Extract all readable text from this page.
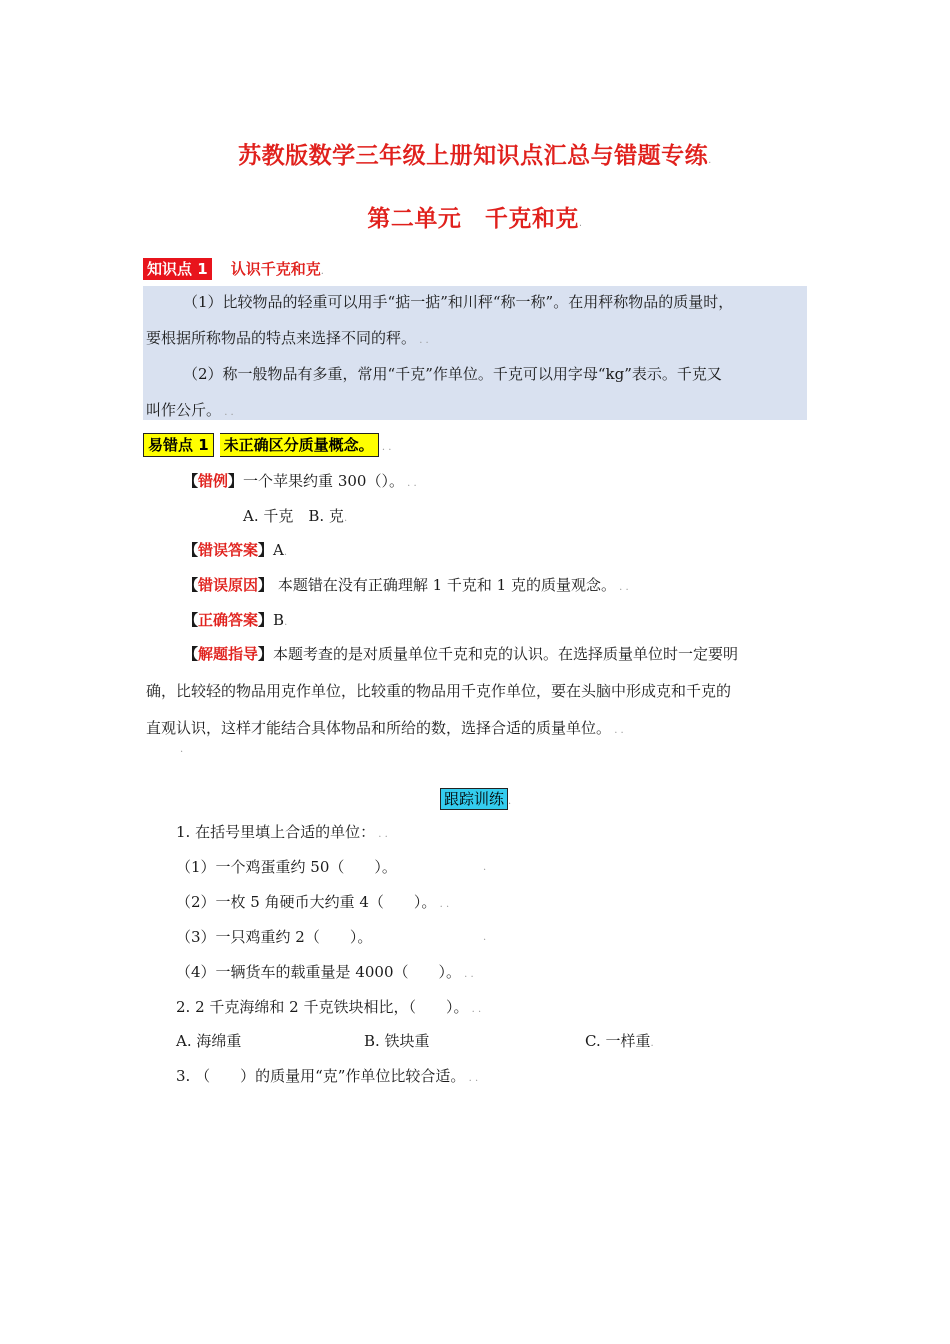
苏教版数学三年级上册知识点汇总与错题专练.
第二单元　千克和克.
知识点 1 认识千克和克.
（1）比较物品的轻重可以用手“掂一掂”和川秤“称一称”。在用秤称物品的质量时，
要根据所称物品的特点来选择不同的秤。 . .
（2）称一般物品有多重，常用“千克”作单位。千克可以用字母“kg”表示。千克又
叫作公斤。 . .
易错点 1 未正确区分质量概念。 . .
【错例】一个苹果约重 300（）。 . .
A. 千克　B. 克.
【错误答案】A.
【错误原因】 本题错在没有正确理解 1 千克和 1 克的质量观念。 . .
【正确答案】B.
【解题指导】本题考查的是对质量单位千克和克的认识。在选择质量单位时一定要明
确，比较轻的物品用克作单位，比较重的物品用千克作单位，要在头脑中形成克和千克的
直观认识，这样才能结合具体物品和所给的数，选择合适的质量单位。 . .
.
跟踪训练 .
1. 在括号里填上合适的单位： . .
（1）一个鸡蛋重约 50（　　）。	.
（2）一枚 5 角硬币大约重 4（　　）。 . .
（3）一只鸡重约 2（　　）。	.
（4）一辆货车的载重量是 4000（　　）。 . .
2. 2 千克海绵和 2 千克铁块相比，（　　）。 . .
A. 海绵重	B. 铁块重	C. 一样重.
3. （　　）的质量用“克”作单位比较合适。 . .
